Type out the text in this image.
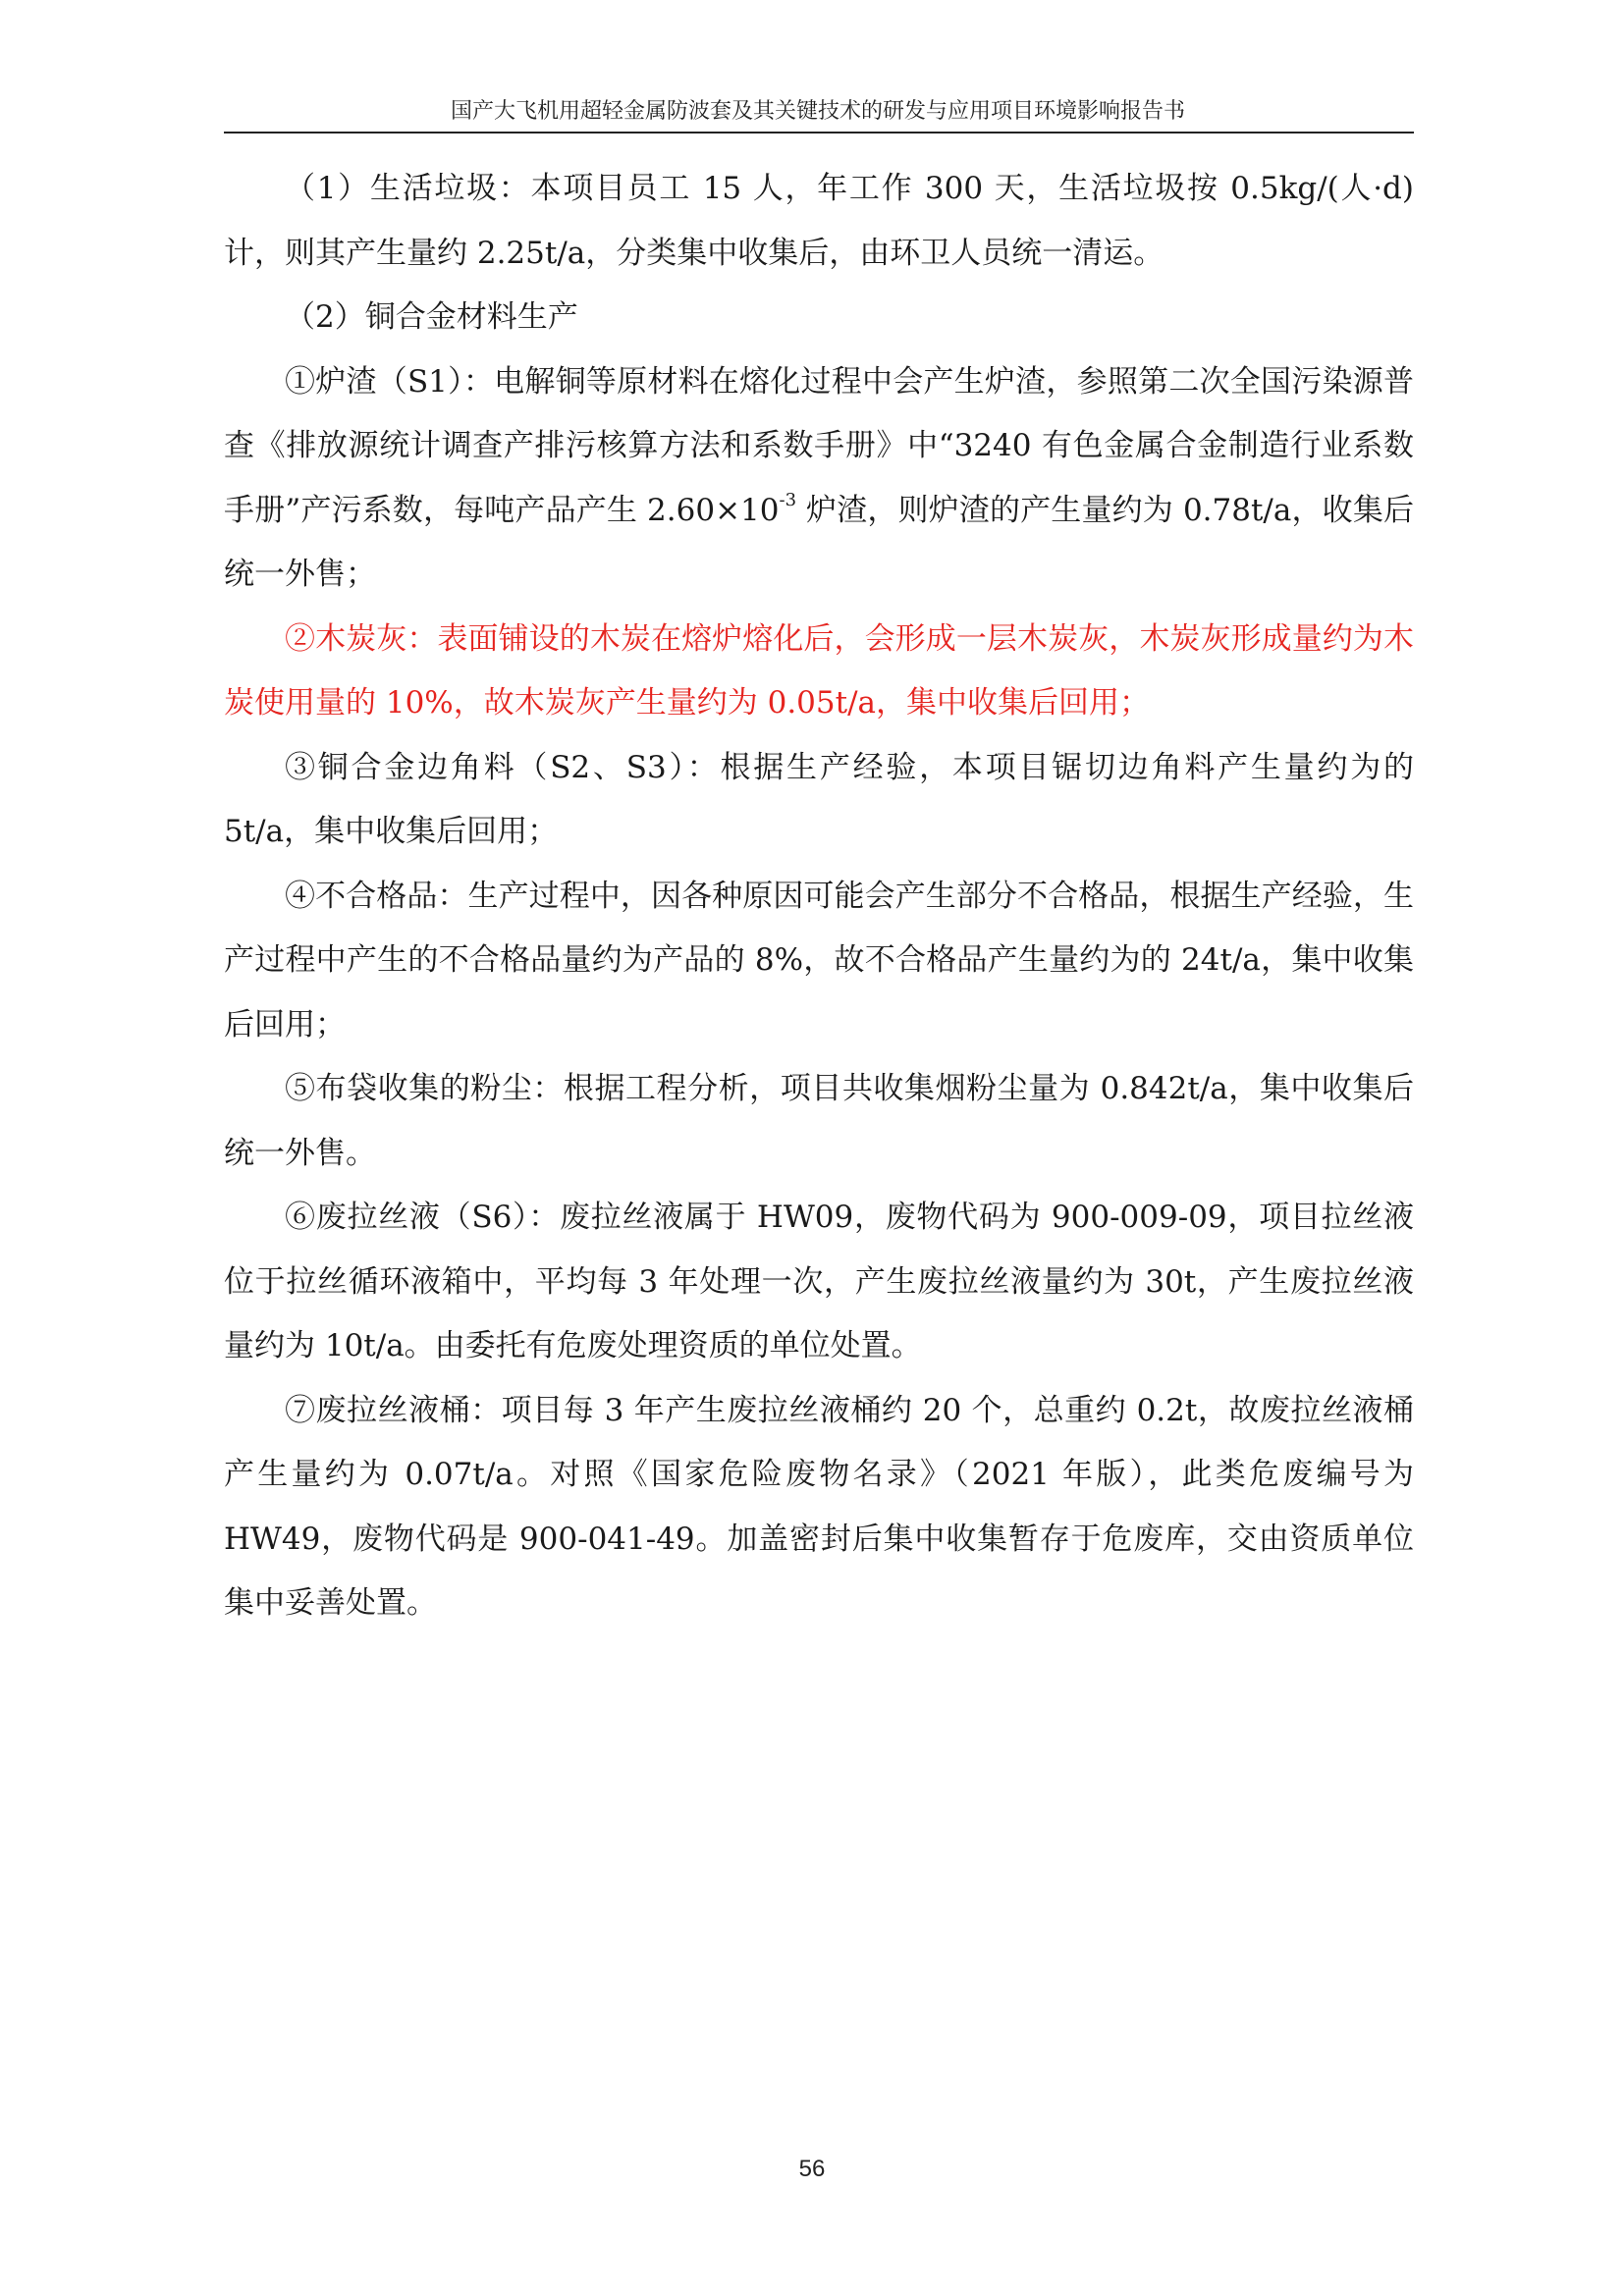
国产大飞机用超轻金属防波套及其关键技术的研发与应用项目环境影响报告书

（1）生活垃圾：本项目员工 15 人，年工作 300 天，生活垃圾按 0.5kg/(人·d)计，则其产生量约 2.25t/a，分类集中收集后，由环卫人员统一清运。

（2）铜合金材料生产

①炉渣（S1）：电解铜等原材料在熔化过程中会产生炉渣，参照第二次全国污染源普查《排放源统计调查产排污核算方法和系数手册》中“3240 有色金属合金制造行业系数手册”产污系数，每吨产品产生 $2.60\times 10^{-3}$ 炉渣，则炉渣的产生量约为 0.78t/a，收集后统一外售；

②木炭灰：表面铺设的木炭在熔炉熔化后，会形成一层木炭灰，木炭灰形成量约为木炭使用量的 10%，故木炭灰产生量约为 0.05t/a，集中收集后回用；

③铜合金边角料（S2、S3）：根据生产经验，本项目锯切边角料产生量约为的 5t/a，集中收集后回用；

④不合格品：生产过程中，因各种原因可能会产生部分不合格品，根据生产经验，生产过程中产生的不合格品量约为产品的 8%，故不合格品产生量约为的 24t/a，集中收集后回用；

⑤布袋收集的粉尘：根据工程分析，项目共收集烟粉尘量为 0.842t/a，集中收集后统一外售。

⑥废拉丝液（S6）：废拉丝液属于 HW09，废物代码为 900-009-09，项目拉丝液位于拉丝循环液箱中，平均每 3 年处理一次，产生废拉丝液量约为 30t，产生废拉丝液量约为 10t/a。由委托有危废处理资质的单位处置。

⑦废拉丝液桶：项目每 3 年产生废拉丝液桶约 20 个，总重约 0.2t，故废拉丝液桶产生量约为 0.07t/a。对照《国家危险废物名录》（2021 年版），此类危废编号为 HW49，废物代码是 900-041-49。加盖密封后集中收集暂存于危废库，交由资质单位集中妥善处置。

56
